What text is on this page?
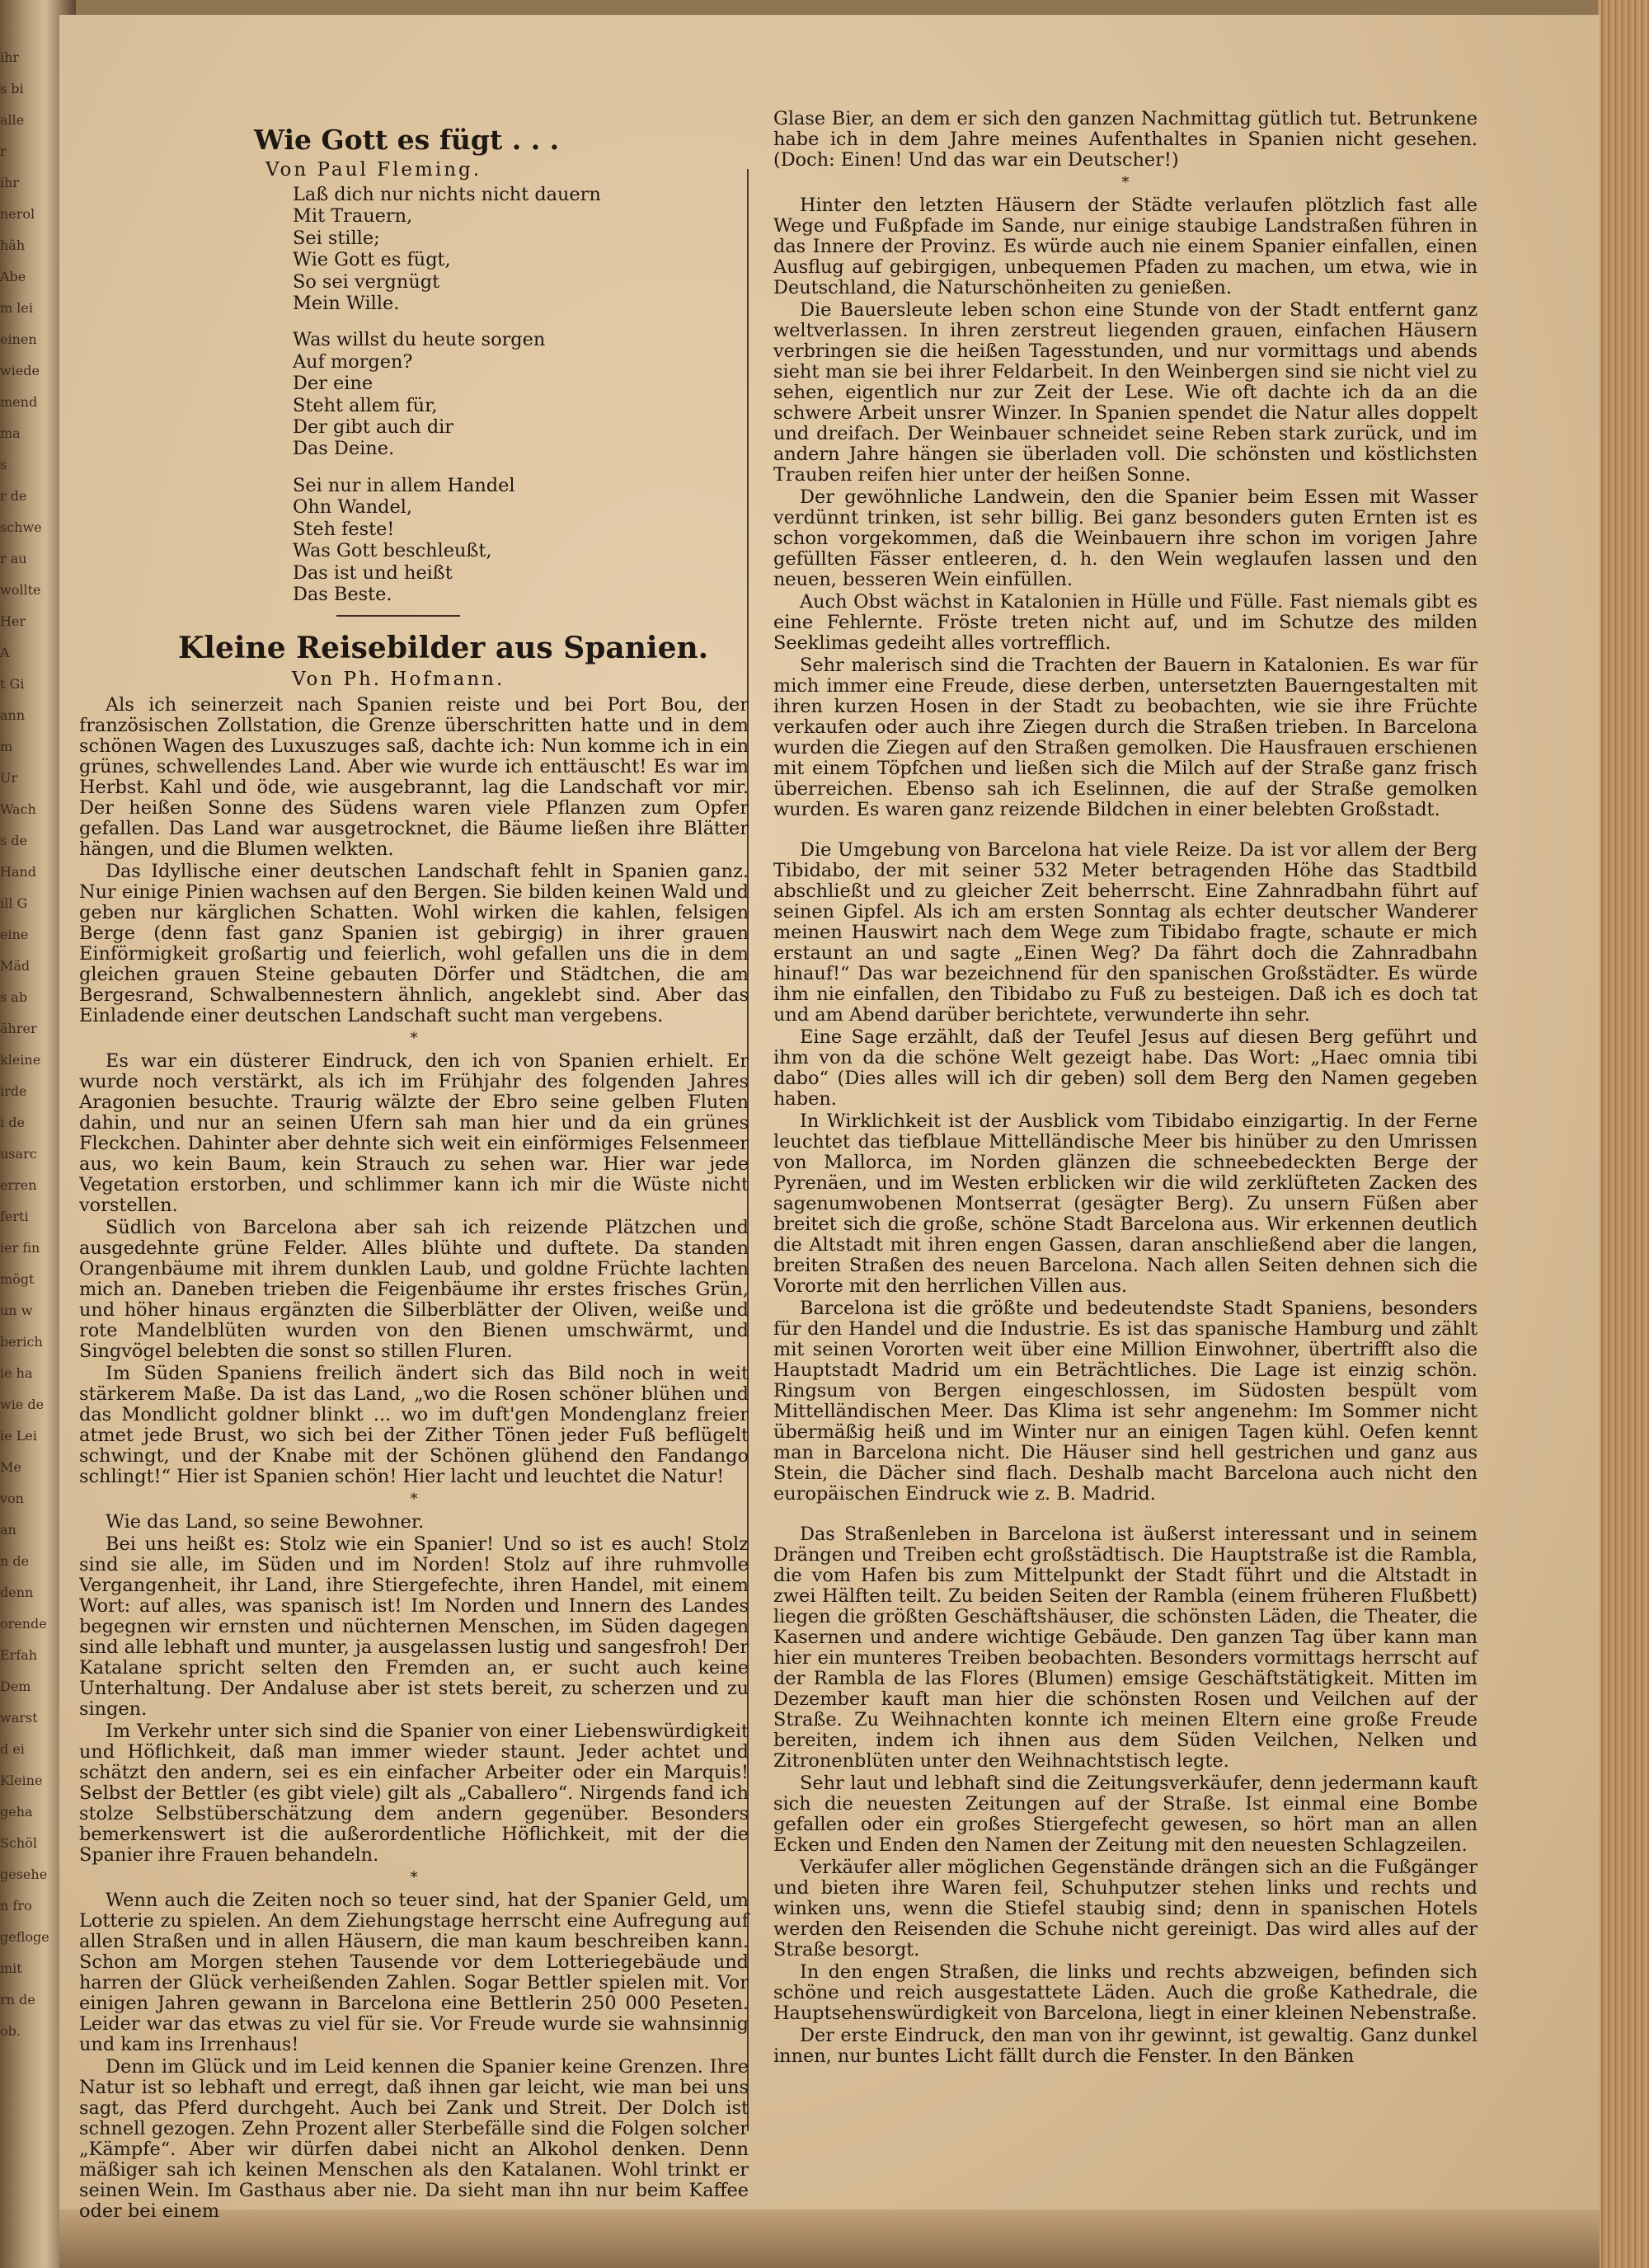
ihr
s bi
alle
r
ihr
nerol
häh
Abe
m lei
einen
wiede
mend
ma
s
r de
schwe
r au
wollte
Her
A
t Gi
ann
m
Ur
Wach
s de
Hand
ill G
eine
Mäd
s ab
ährer
kleine
irde
i de
usarc
erren
ferti
ier fin
mögt
un w
berich
ie ha
wie de
ie Lei
Me
von
an
n de
denn
orende
Erfah
Dem
warst
d ei
Kleine
geha
Schöl
gesehe
n fro
gefloge
mit
rn de
ob.
Wie Gott es fügt . . .
Von Paul Fleming.
Laß dich nur nichts nicht dauern
Mit Trauern,
Sei stille;
Wie Gott es fügt,
So sei vergnügt
Mein Wille.
Was willst du heute sorgen
Auf morgen?
Der eine
Steht allem für,
Der gibt auch dir
Das Deine.
Sei nur in allem Handel
Ohn Wandel,
Steh feste!
Was Gott beschleußt,
Das ist und heißt
Das Beste.
Kleine Reisebilder aus Spanien.
Von Ph. Hofmann.

Als ich seinerzeit nach Spanien reiste und bei Port Bou, der französischen Zollstation, die Grenze überschritten hatte und in dem schönen Wagen des Luxuszuges saß, dachte ich: Nun komme ich in ein grünes, schwellendes Land. Aber wie wurde ich enttäuscht! Es war im Herbst. Kahl und öde, wie ausgebrannt, lag die Landschaft vor mir. Der heißen Sonne des Südens waren viele Pflanzen zum Opfer gefallen. Das Land war ausgetrocknet, die Bäume ließen ihre Blätter hängen, und die Blumen welkten.

Das Idyllische einer deutschen Landschaft fehlt in Spanien ganz. Nur einige Pinien wachsen auf den Bergen. Sie bilden keinen Wald und geben nur kärglichen Schatten. Wohl wirken die kahlen, felsigen Berge (denn fast ganz Spanien ist gebirgig) in ihrer grauen Einförmigkeit großartig und feierlich, wohl gefallen uns die in dem gleichen grauen Steine gebauten Dörfer und Städtchen, die am Bergesrand, Schwalbennestern ähnlich, angeklebt sind. Aber das Einladende einer deutschen Landschaft sucht man vergebens.

*

Es war ein düsterer Eindruck, den ich von Spanien erhielt. Er wurde noch verstärkt, als ich im Frühjahr des folgenden Jahres Aragonien besuchte. Traurig wälzte der Ebro seine gelben Fluten dahin, und nur an seinen Ufern sah man hier und da ein grünes Fleckchen. Dahinter aber dehnte sich weit ein einförmiges Felsenmeer aus, wo kein Baum, kein Strauch zu sehen war. Hier war jede Vegetation erstorben, und schlimmer kann ich mir die Wüste nicht vorstellen.

Südlich von Barcelona aber sah ich reizende Plätzchen und ausgedehnte grüne Felder. Alles blühte und duftete. Da standen Orangenbäume mit ihrem dunklen Laub, und goldne Früchte lachten mich an. Daneben trieben die Feigenbäume ihr erstes frisches Grün, und höher hinaus ergänzten die Silberblätter der Oliven, weiße und rote Mandelblüten wurden von den Bienen umschwärmt, und Singvögel belebten die sonst so stillen Fluren.

Im Süden Spaniens freilich ändert sich das Bild noch in weit stärkerem Maße. Da ist das Land, „wo die Rosen schöner blühen und das Mondlicht goldner blinkt ... wo im duft'gen Mondenglanz freier atmet jede Brust, wo sich bei der Zither Tönen jeder Fuß beflügelt schwingt, und der Knabe mit der Schönen glühend den Fandango schlingt!“ Hier ist Spanien schön! Hier lacht und leuchtet die Natur!

*

Wie das Land, so seine Bewohner.

Bei uns heißt es: Stolz wie ein Spanier! Und so ist es auch! Stolz sind sie alle, im Süden und im Norden! Stolz auf ihre ruhmvolle Vergangenheit, ihr Land, ihre Stiergefechte, ihren Handel, mit einem Wort: auf alles, was spanisch ist! Im Norden und Innern des Landes begegnen wir ernsten und nüchternen Menschen, im Süden dagegen sind alle lebhaft und munter, ja ausgelassen lustig und sangesfroh! Der Katalane spricht selten den Fremden an, er sucht auch keine Unterhaltung. Der Andaluse aber ist stets bereit, zu scherzen und zu singen.

Im Verkehr unter sich sind die Spanier von einer Liebenswürdigkeit und Höflichkeit, daß man immer wieder staunt. Jeder achtet und schätzt den andern, sei es ein einfacher Arbeiter oder ein Marquis! Selbst der Bettler (es gibt viele) gilt als „Caballero“. Nirgends fand ich stolze Selbstüberschätzung dem andern gegenüber. Besonders bemerkenswert ist die außerordentliche Höflichkeit, mit der die Spanier ihre Frauen behandeln.

*

Wenn auch die Zeiten noch so teuer sind, hat der Spanier Geld, um Lotterie zu spielen. An dem Ziehungstage herrscht eine Aufregung auf allen Straßen und in allen Häusern, die man kaum beschreiben kann. Schon am Morgen stehen Tausende vor dem Lotteriegebäude und harren der Glück verheißenden Zahlen. Sogar Bettler spielen mit. Vor einigen Jahren gewann in Barcelona eine Bettlerin 250 000 Peseten. Leider war das etwas zu viel für sie. Vor Freude wurde sie wahnsinnig und kam ins Irrenhaus!

Denn im Glück und im Leid kennen die Spanier keine Grenzen. Ihre Natur ist so lebhaft und erregt, daß ihnen gar leicht, wie man bei uns sagt, das Pferd durchgeht. Auch bei Zank und Streit. Der Dolch ist schnell gezogen. Zehn Prozent aller Sterbefälle sind die Folgen solcher „Kämpfe“. Aber wir dürfen dabei nicht an Alkohol denken. Denn mäßiger sah ich keinen Menschen als den Katalanen. Wohl trinkt er seinen Wein. Im Gasthaus aber nie. Da sieht man ihn nur beim Kaffee oder bei einem

Glase Bier, an dem er sich den ganzen Nachmittag gütlich tut. Betrunkene habe ich in dem Jahre meines Aufenthaltes in Spanien nicht gesehen. (Doch: Einen! Und das war ein Deutscher!)

*

Hinter den letzten Häusern der Städte verlaufen plötzlich fast alle Wege und Fußpfade im Sande, nur einige staubige Landstraßen führen in das Innere der Provinz. Es würde auch nie einem Spanier einfallen, einen Ausflug auf gebirgigen, unbequemen Pfaden zu machen, um etwa, wie in Deutschland, die Naturschönheiten zu genießen.

Die Bauersleute leben schon eine Stunde von der Stadt entfernt ganz weltverlassen. In ihren zerstreut liegenden grauen, einfachen Häusern verbringen sie die heißen Tagesstunden, und nur vormittags und abends sieht man sie bei ihrer Feldarbeit. In den Weinbergen sind sie nicht viel zu sehen, eigentlich nur zur Zeit der Lese. Wie oft dachte ich da an die schwere Arbeit unsrer Winzer. In Spanien spendet die Natur alles doppelt und dreifach. Der Weinbauer schneidet seine Reben stark zurück, und im andern Jahre hängen sie überladen voll. Die schönsten und köstlichsten Trauben reifen hier unter der heißen Sonne.

Der gewöhnliche Landwein, den die Spanier beim Essen mit Wasser verdünnt trinken, ist sehr billig. Bei ganz besonders guten Ernten ist es schon vorgekommen, daß die Weinbauern ihre schon im vorigen Jahre gefüllten Fässer entleeren, d. h. den Wein weglaufen lassen und den neuen, besseren Wein einfüllen.

Auch Obst wächst in Katalonien in Hülle und Fülle. Fast niemals gibt es eine Fehlernte. Fröste treten nicht auf, und im Schutze des milden Seeklimas gedeiht alles vortrefflich.

Sehr malerisch sind die Trachten der Bauern in Katalonien. Es war für mich immer eine Freude, diese derben, untersetzten Bauerngestalten mit ihren kurzen Hosen in der Stadt zu beobachten, wie sie ihre Früchte verkaufen oder auch ihre Ziegen durch die Straßen trieben. In Barcelona wurden die Ziegen auf den Straßen gemolken. Die Hausfrauen erschienen mit einem Töpfchen und ließen sich die Milch auf der Straße ganz frisch überreichen. Ebenso sah ich Eselinnen, die auf der Straße gemolken wurden. Es waren ganz reizende Bildchen in einer belebten Großstadt.

Die Umgebung von Barcelona hat viele Reize. Da ist vor allem der Berg Tibidabo, der mit seiner 532 Meter betragenden Höhe das Stadtbild abschließt und zu gleicher Zeit beherrscht. Eine Zahnradbahn führt auf seinen Gipfel. Als ich am ersten Sonntag als echter deutscher Wanderer meinen Hauswirt nach dem Wege zum Tibidabo fragte, schaute er mich erstaunt an und sagte „Einen Weg? Da fährt doch die Zahnradbahn hinauf!“ Das war bezeichnend für den spanischen Großstädter. Es würde ihm nie einfallen, den Tibidabo zu Fuß zu besteigen. Daß ich es doch tat und am Abend darüber berichtete, verwunderte ihn sehr.

Eine Sage erzählt, daß der Teufel Jesus auf diesen Berg geführt und ihm von da die schöne Welt gezeigt habe. Das Wort: „Haec omnia tibi dabo“ (Dies alles will ich dir geben) soll dem Berg den Namen gegeben haben.

In Wirklichkeit ist der Ausblick vom Tibidabo einzigartig. In der Ferne leuchtet das tiefblaue Mittelländische Meer bis hinüber zu den Umrissen von Mallorca, im Norden glänzen die schneebedeckten Berge der Pyrenäen, und im Westen erblicken wir die wild zerklüfteten Zacken des sagenumwobenen Montserrat (gesägter Berg). Zu unsern Füßen aber breitet sich die große, schöne Stadt Barcelona aus. Wir erkennen deutlich die Altstadt mit ihren engen Gassen, daran anschließend aber die langen, breiten Straßen des neuen Barcelona. Nach allen Seiten dehnen sich die Vororte mit den herrlichen Villen aus.

Barcelona ist die größte und bedeutendste Stadt Spaniens, besonders für den Handel und die Industrie. Es ist das spanische Hamburg und zählt mit seinen Vororten weit über eine Million Einwohner, übertrifft also die Hauptstadt Madrid um ein Beträchtliches. Die Lage ist einzig schön. Ringsum von Bergen eingeschlossen, im Südosten bespült vom Mittelländischen Meer. Das Klima ist sehr angenehm: Im Sommer nicht übermäßig heiß und im Winter nur an einigen Tagen kühl. Oefen kennt man in Barcelona nicht. Die Häuser sind hell gestrichen und ganz aus Stein, die Dächer sind flach. Deshalb macht Barcelona auch nicht den europäischen Eindruck wie z. B. Madrid.

Das Straßenleben in Barcelona ist äußerst interessant und in seinem Drängen und Treiben echt großstädtisch. Die Hauptstraße ist die Rambla, die vom Hafen bis zum Mittelpunkt der Stadt führt und die Altstadt in zwei Hälften teilt. Zu beiden Seiten der Rambla (einem früheren Flußbett) liegen die größten Geschäftshäuser, die schönsten Läden, die Theater, die Kasernen und andere wichtige Gebäude. Den ganzen Tag über kann man hier ein munteres Treiben beobachten. Besonders vormittags herrscht auf der Rambla de las Flores (Blumen) emsige Geschäftstätigkeit. Mitten im Dezember kauft man hier die schönsten Rosen und Veilchen auf der Straße. Zu Weihnachten konnte ich meinen Eltern eine große Freude bereiten, indem ich ihnen aus dem Süden Veilchen, Nelken und Zitronenblüten unter den Weihnachtstisch legte.

Sehr laut und lebhaft sind die Zeitungsverkäufer, denn jedermann kauft sich die neuesten Zeitungen auf der Straße. Ist einmal eine Bombe gefallen oder ein großes Stiergefecht gewesen, so hört man an allen Ecken und Enden den Namen der Zeitung mit den neuesten Schlagzeilen.

Verkäufer aller möglichen Gegenstände drängen sich an die Fußgänger und bieten ihre Waren feil, Schuhputzer stehen links und rechts und winken uns, wenn die Stiefel staubig sind; denn in spanischen Hotels werden den Reisenden die Schuhe nicht gereinigt. Das wird alles auf der Straße besorgt.

In den engen Straßen, die links und rechts abzweigen, befinden sich schöne und reich ausgestattete Läden. Auch die große Kathedrale, die Hauptsehenswürdigkeit von Barcelona, liegt in einer kleinen Nebenstraße.

Der erste Eindruck, den man von ihr gewinnt, ist gewaltig. Ganz dunkel innen, nur buntes Licht fällt durch die Fenster. In den Bänken
